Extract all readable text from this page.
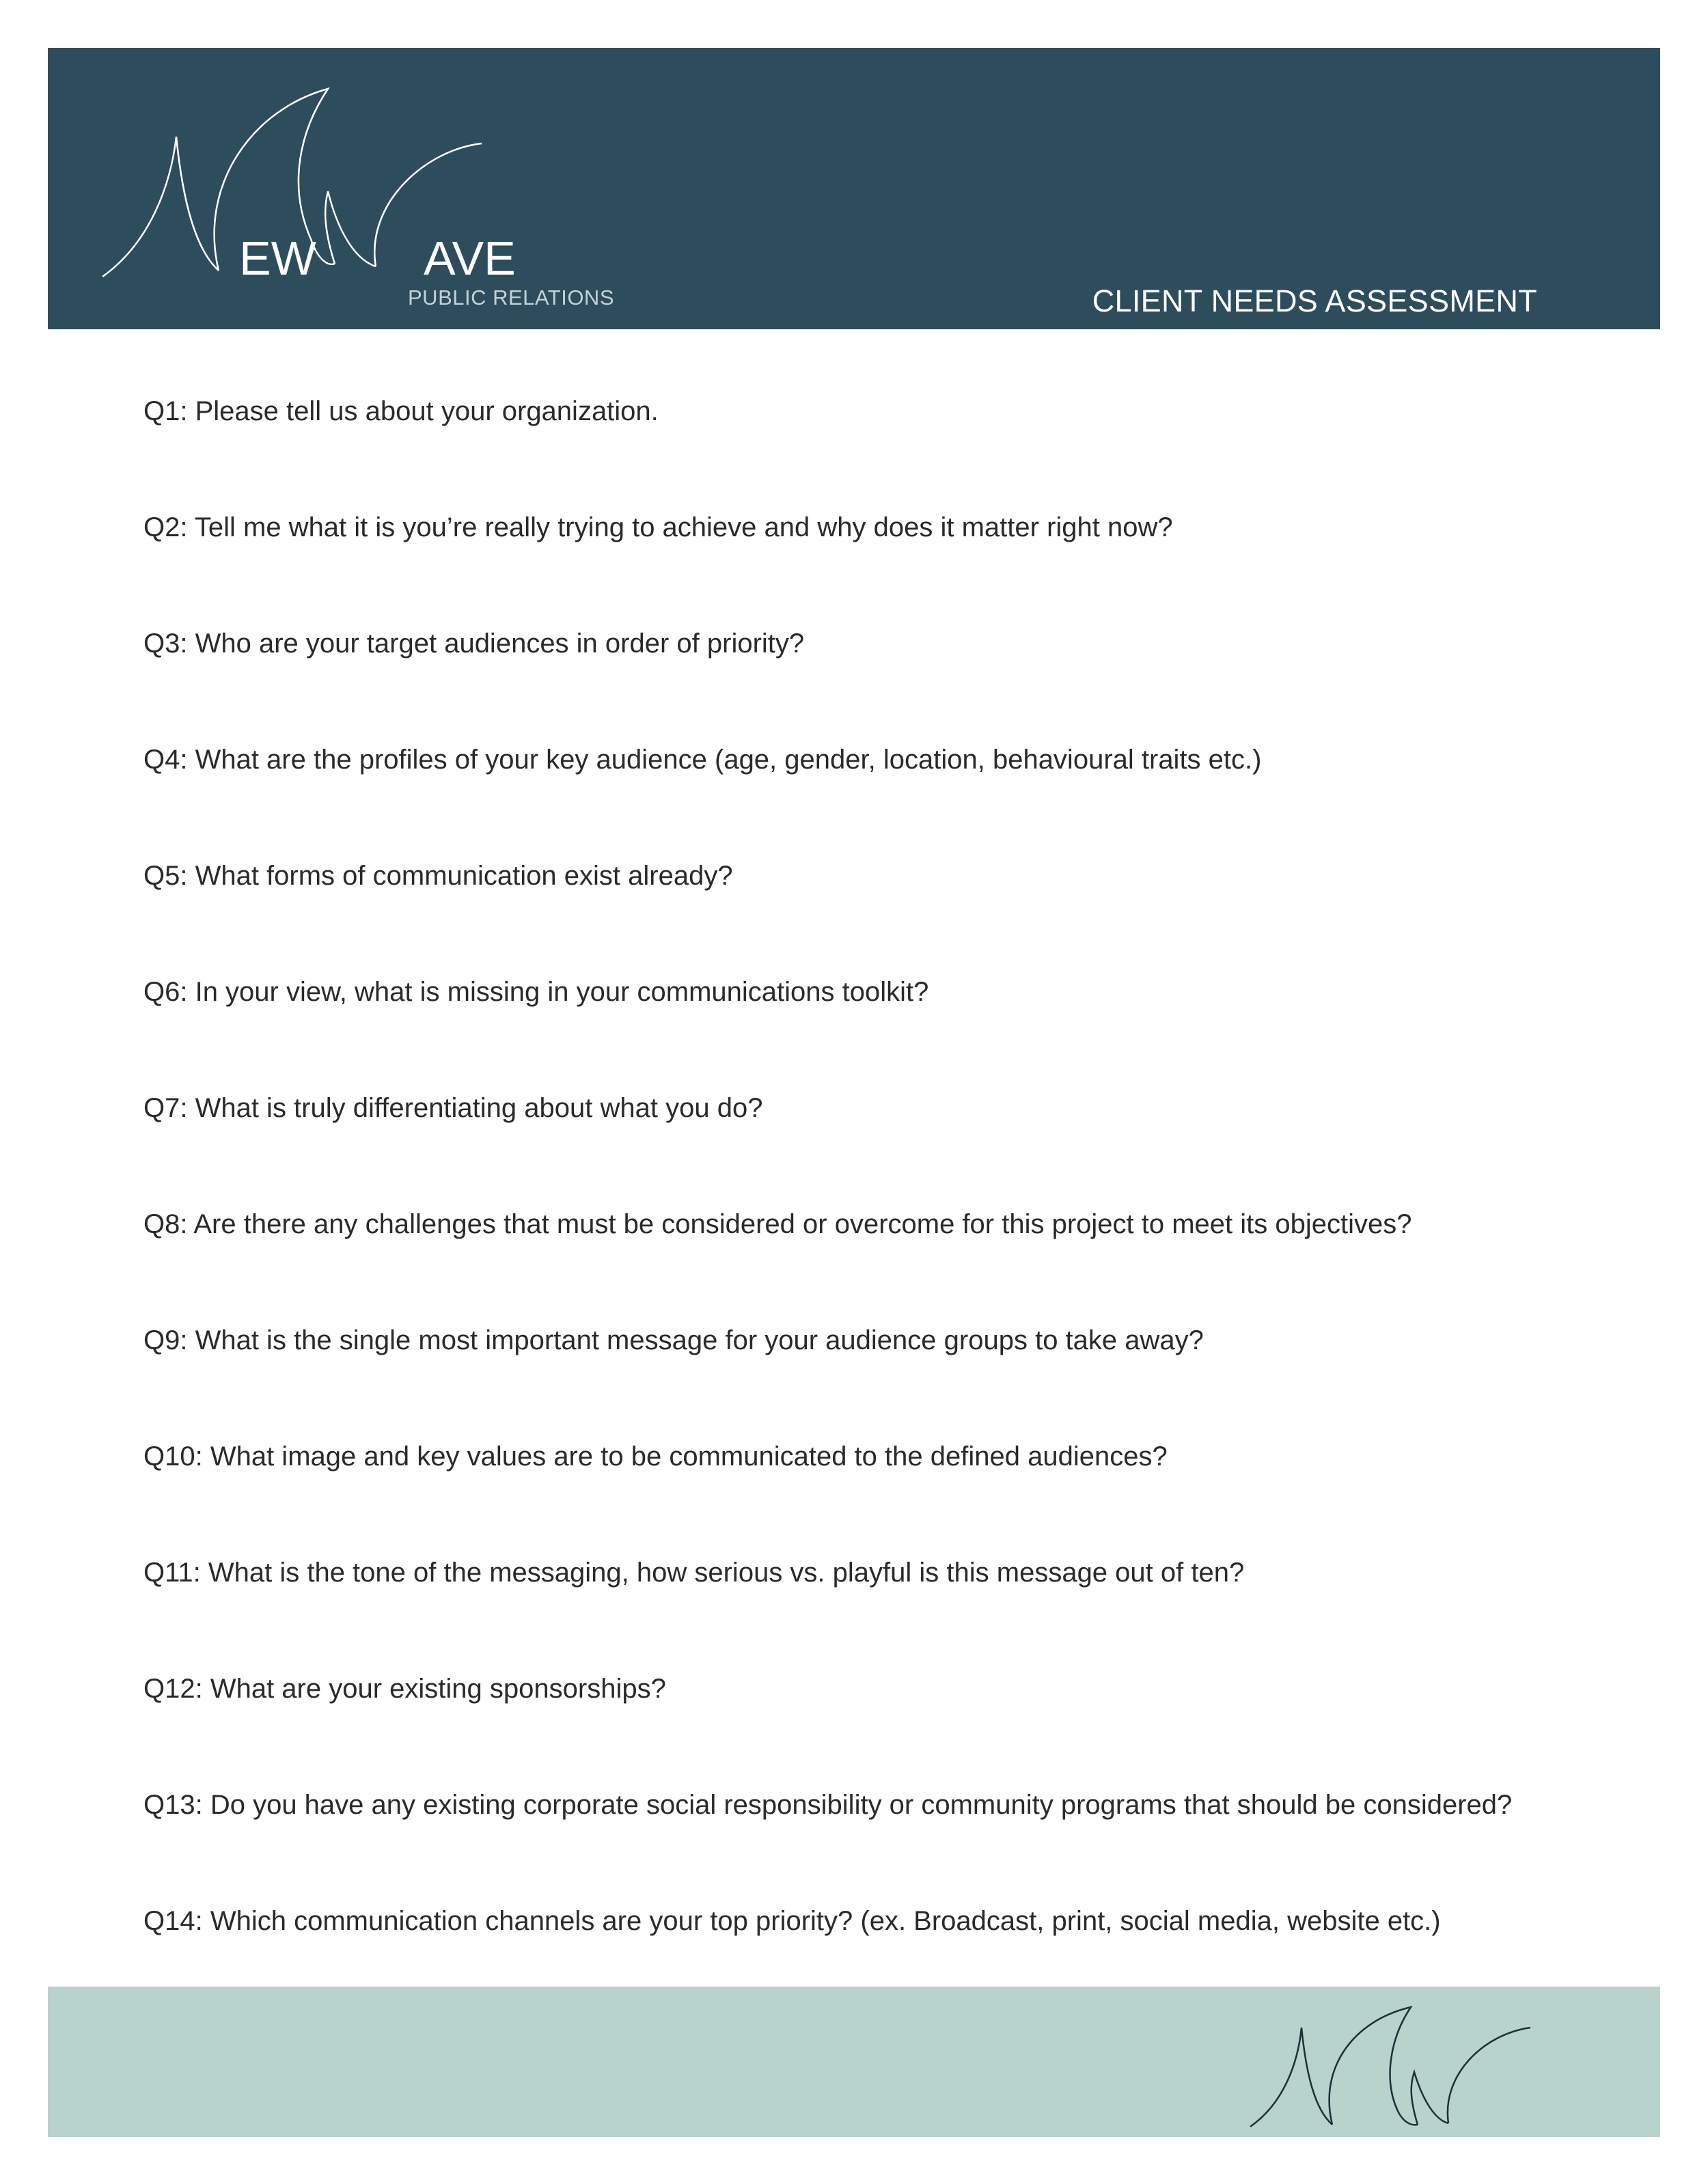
EW AVE
PUBLIC RELATIONS	CLIENT NEEDS ASSESSMENT
Q1: Please tell us about your organization.
Q2: Tell me what it is you’re really trying to achieve and why does it matter right now?
Q3: Who are your target audiences in order of priority?
Q4: What are the profiles of your key audience (age, gender, location, behavioural traits etc.)
Q5: What forms of communication exist already?
Q6: In your view, what is missing in your communications toolkit?
Q7: What is truly differentiating about what you do?
Q8: Are there any challenges that must be considered or overcome for this project to meet its objectives?
Q9: What is the single most important message for your audience groups to take away?
Q10: What image and key values are to be communicated to the defined audiences?
Q11: What is the tone of the messaging, how serious vs. playful is this message out of ten?
Q12: What are your existing sponsorships?
Q13: Do you have any existing corporate social responsibility or community programs that should be considered?
Q14: Which communication channels are your top priority? (ex. Broadcast, print, social media, website etc.)
